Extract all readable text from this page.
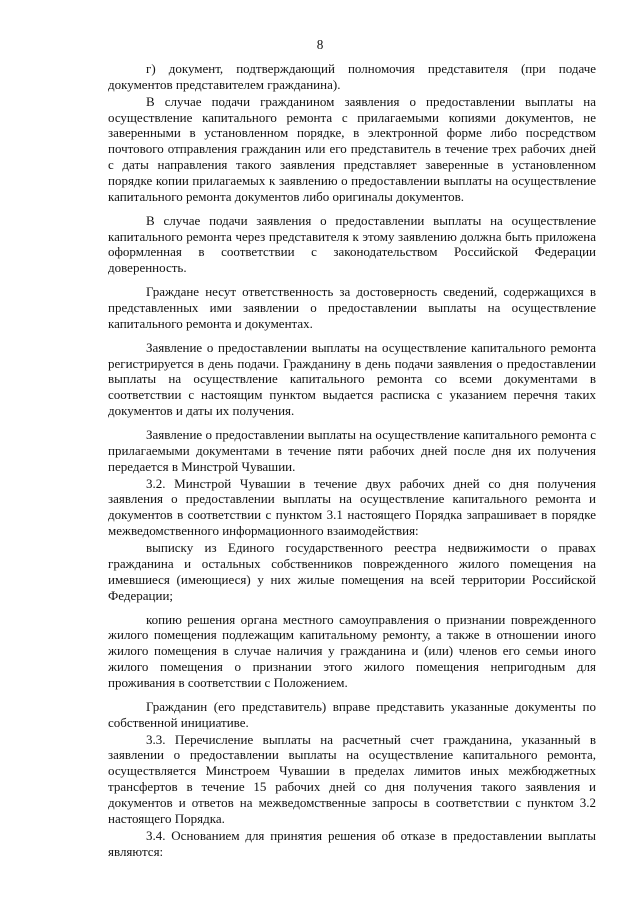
8

г) документ, подтверждающий полномочия представителя (при подаче документов представителем гражданина).

В случае подачи гражданином заявления о предоставлении выплаты на осуществление капитального ремонта с прилагаемыми копиями документов, не заверенными в установленном порядке, в электронной форме либо посредством почтового отправления гражданин или его представитель в течение трех рабочих дней с даты направления такого заявления представляет заверенные в установленном порядке копии прилагаемых к заявлению о предоставлении выплаты на осуществление капитального ремонта документов либо оригиналы документов.

В случае подачи заявления о предоставлении выплаты на осуществление капитального ремонта через представителя к этому заявлению должна быть приложена оформленная в соответствии с законодательством Российской Федерации доверенность.

Граждане несут ответственность за достоверность сведений, содержащихся в представленных ими заявлении о предоставлении выплаты на осуществление капитального ремонта и документах.

Заявление о предоставлении выплаты на осуществление капитального ремонта регистрируется в день подачи. Гражданину в день подачи заявления о предоставлении выплаты на осуществление капитального ремонта со всеми документами в соответствии с настоящим пунктом выдается расписка с указанием перечня таких документов и даты их получения.

Заявление о предоставлении выплаты на осуществление капитального ремонта с прилагаемыми документами в течение пяти рабочих дней после дня их получения передается в Минстрой Чувашии.

3.2. Минстрой Чувашии в течение двух рабочих дней со дня получения заявления о предоставлении выплаты на осуществление капитального ремонта и документов в соответствии с пунктом 3.1 настоящего Порядка запрашивает в порядке межведомственного информационного взаимодействия:

выписку из Единого государственного реестра недвижимости о правах гражданина и остальных собственников поврежденного жилого помещения на имевшиеся (имеющиеся) у них жилые помещения на всей территории Российской Федерации;

копию решения органа местного самоуправления о признании поврежденного жилого помещения подлежащим капитальному ремонту, а также в отношении иного жилого помещения в случае наличия у гражданина и (или) членов его семьи иного жилого помещения о признании этого жилого помещения непригодным для проживания в соответствии с Положением.

Гражданин (его представитель) вправе представить указанные документы по собственной инициативе.

3.3. Перечисление выплаты на расчетный счет гражданина, указанный в заявлении о предоставлении выплаты на осуществление капитального ремонта, осуществляется Минстроем Чувашии в пределах лимитов иных межбюджетных трансфертов в течение 15 рабочих дней со дня получения такого заявления и документов и ответов на межведомственные запросы в соответствии с пунктом 3.2 настоящего Порядка.

3.4. Основанием для принятия решения об отказе в предоставлении выплаты являются:
